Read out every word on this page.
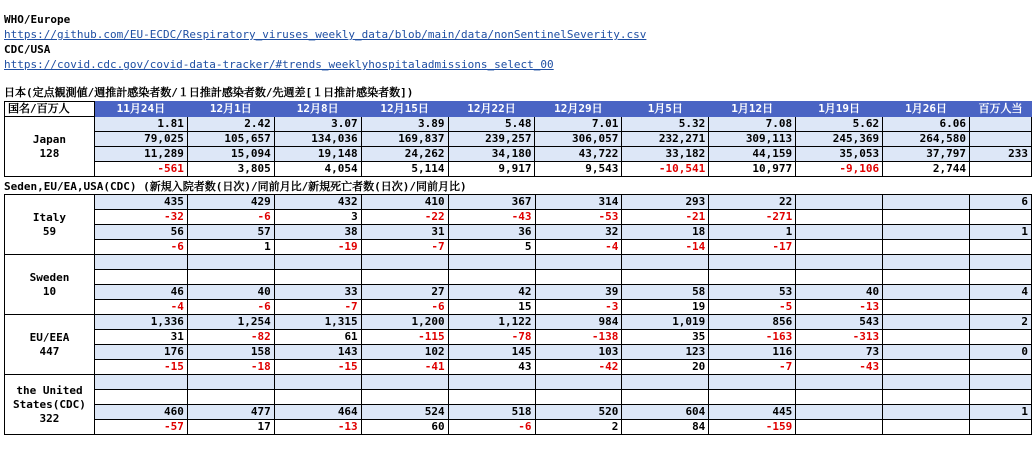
WHO/Europe
https://github.com/EU-ECDC/Respiratory_viruses_weekly_data/blob/main/data/nonSentinelSeverity.csv
CDC/USA
https://covid.cdc.gov/covid-data-tracker/#trends_weeklyhospitaladmissions_select_00
日本(定点観測値/週推計感染者数/１日推計感染者数/先週差[１日推計感染者数])
国名/百万人	11月24日	12月1日	12月8日	12月15日	12月22日	12月29日	1月5日	1月12日	1月19日	1月26日	百万人当

Japan
128	1.81	2.42	3.07	3.89	5.48	7.01	5.32	7.08	5.62	6.06	
	79,025	105,657	134,036	169,837	239,257	306,057	232,271	309,113	245,369	264,580	
	11,289	15,094	19,148	24,262	34,180	43,722	33,182	44,159	35,053	37,797	233
	-561	3,805	4,054	5,114	9,917	9,543	-10,541	10,977	-9,106	2,744	
Seden,EU/EA,USA(CDC) (新規入院者数(日次)/同前月比/新規死亡者数(日次)/同前月比)
Italy
59	435	429	432	410	367	314	293	22			6
	-32	-6	3	-22	-43	-53	-21	-271			
	56	57	38	31	36	32	18	1			1
	-6	1	-19	-7	5	-4	-14	-17			

Sweden
10											

	46	40	33	27	42	39	58	53	40		4
	-4	-6	-7	-6	15	-3	19	-5	-13		

EU/EEA
447	1,336	1,254	1,315	1,200	1,122	984	1,019	856	543		2
	31	-82	61	-115	-78	-138	35	-163	-313		
	176	158	143	102	145	103	123	116	73		0
	-15	-18	-15	-41	43	-42	20	-7	-43		

the United States(CDC)
322											

	460	477	464	524	518	520	604	445			1
	-57	17	-13	60	-6	2	84	-159			
